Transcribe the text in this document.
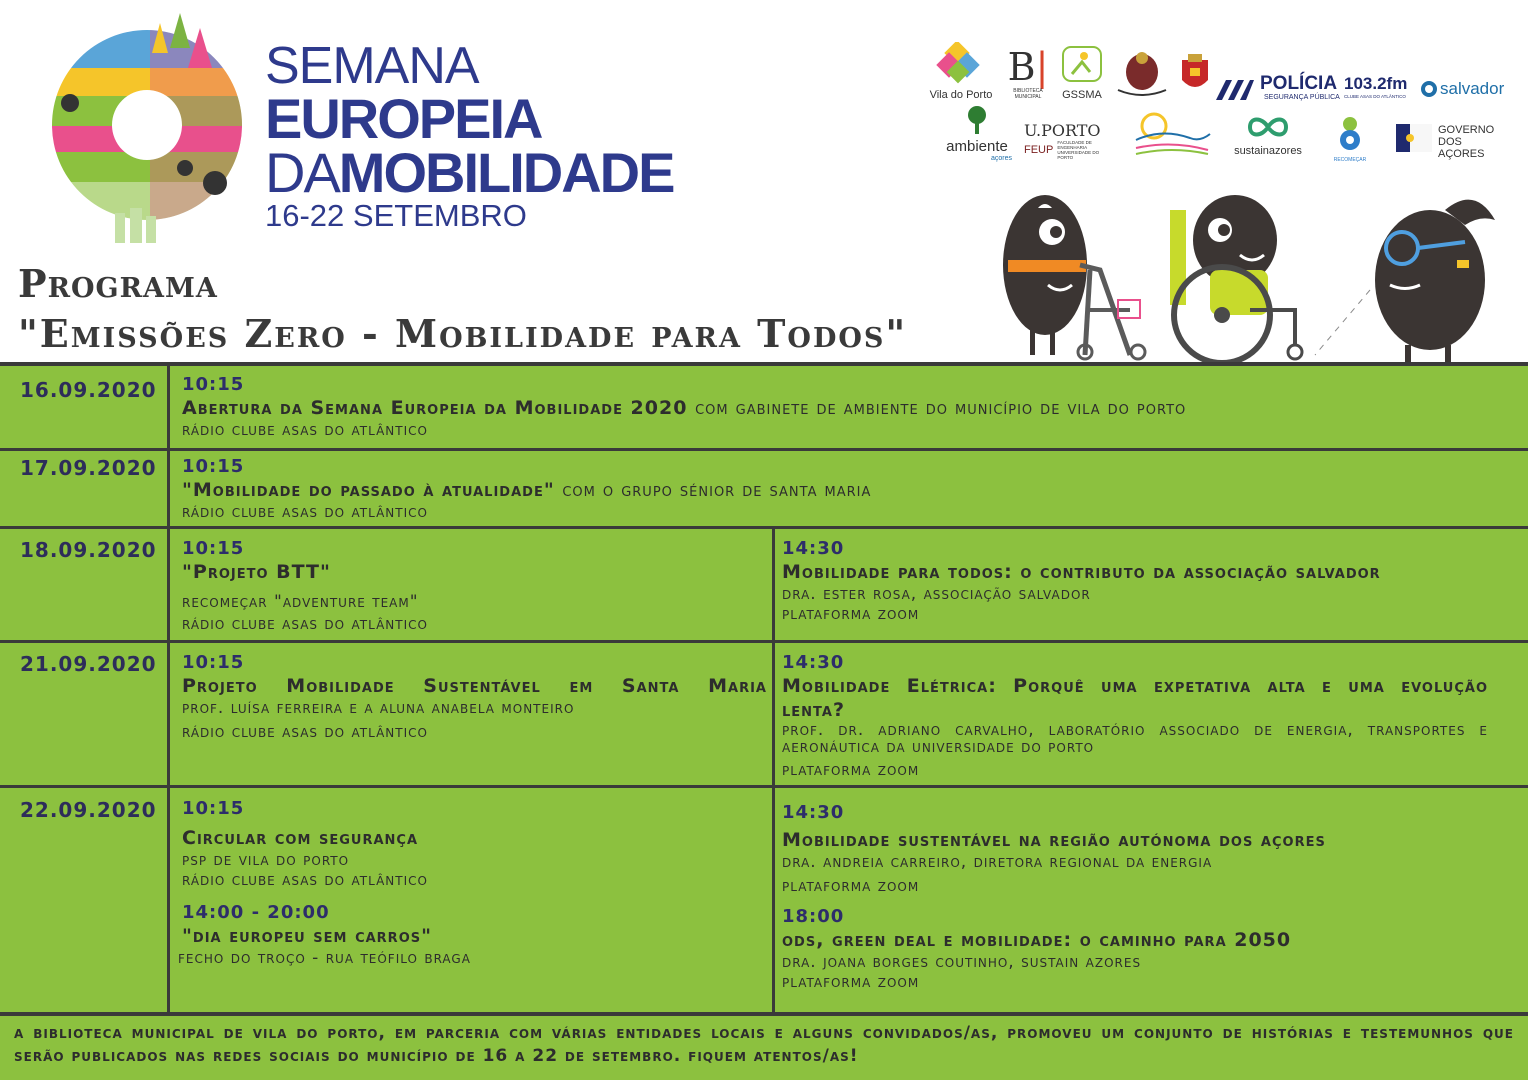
SEMANA
EUROPEIA
DAMOBILIDADE
16-22 SETEMBRO
Programa
"Emissões Zero - Mobilidade para Todos"
Vila do Porto
B|
BIBLIOTECA MUNICIPAL	GSSMA
POLÍCIA
SEGURANÇA PÚBLICA
103.2fm
CLUBE ASAS DO ATLÂNTICO	salvador
ambiente
açores
U.PORTO
FEUP
FACULDADE DE ENGENHARIA UNIVERSIDADE DO PORTO
sustainazores
RECOMEÇAR
GOVERNO DOS AÇORES
16.09.2020 10:15
Abertura da Semana Europeia da Mobilidade 2020 com gabinete de ambiente do município de vila do porto
rádio clube asas do atlântico
17.09.2020 10:15
"Mobilidade do passado à atualidade" com o grupo sénior de santa maria
rádio clube asas do atlântico
18.09.2020 10:15
"Projeto BTT"
recomeçar "adventure team"
rádio clube asas do atlântico
14:30
Mobilidade para todos: o contributo da associação salvador
dra. ester rosa, associação salvador
plataforma zoom
21.09.2020 10:15
Projeto Mobilidade Sustentável em Santa Maria
prof. luísa ferreira e a aluna anabela monteiro
rádio clube asas do atlântico
14:30
Mobilidade Elétrica: Porquê uma expetativa alta e uma evolução lenta?
prof. dr. adriano carvalho, laboratório associado de energia, transportes e aeronáutica da universidade do porto
plataforma zoom
22.09.2020 10:15
Circular com segurança
psp de vila do porto
rádio clube asas do atlântico
14:00 - 20:00
"dia europeu sem carros"
fecho do troço - rua teófilo braga
14:30
Mobilidade sustentável na região autónoma dos açores
dra. andreia carreiro, diretora regional da energia
plataforma zoom
18:00
ods, green deal e mobilidade: o caminho para 2050
dra. joana borges coutinho, sustain azores
plataforma zoom
a biblioteca municipal de vila do porto, em parceria com várias entidades locais e alguns convidados/as, promoveu um conjunto de histórias e testemunhos que serão publicados nas redes sociais do município de 16 a 22 de setembro. fiquem atentos/as!
